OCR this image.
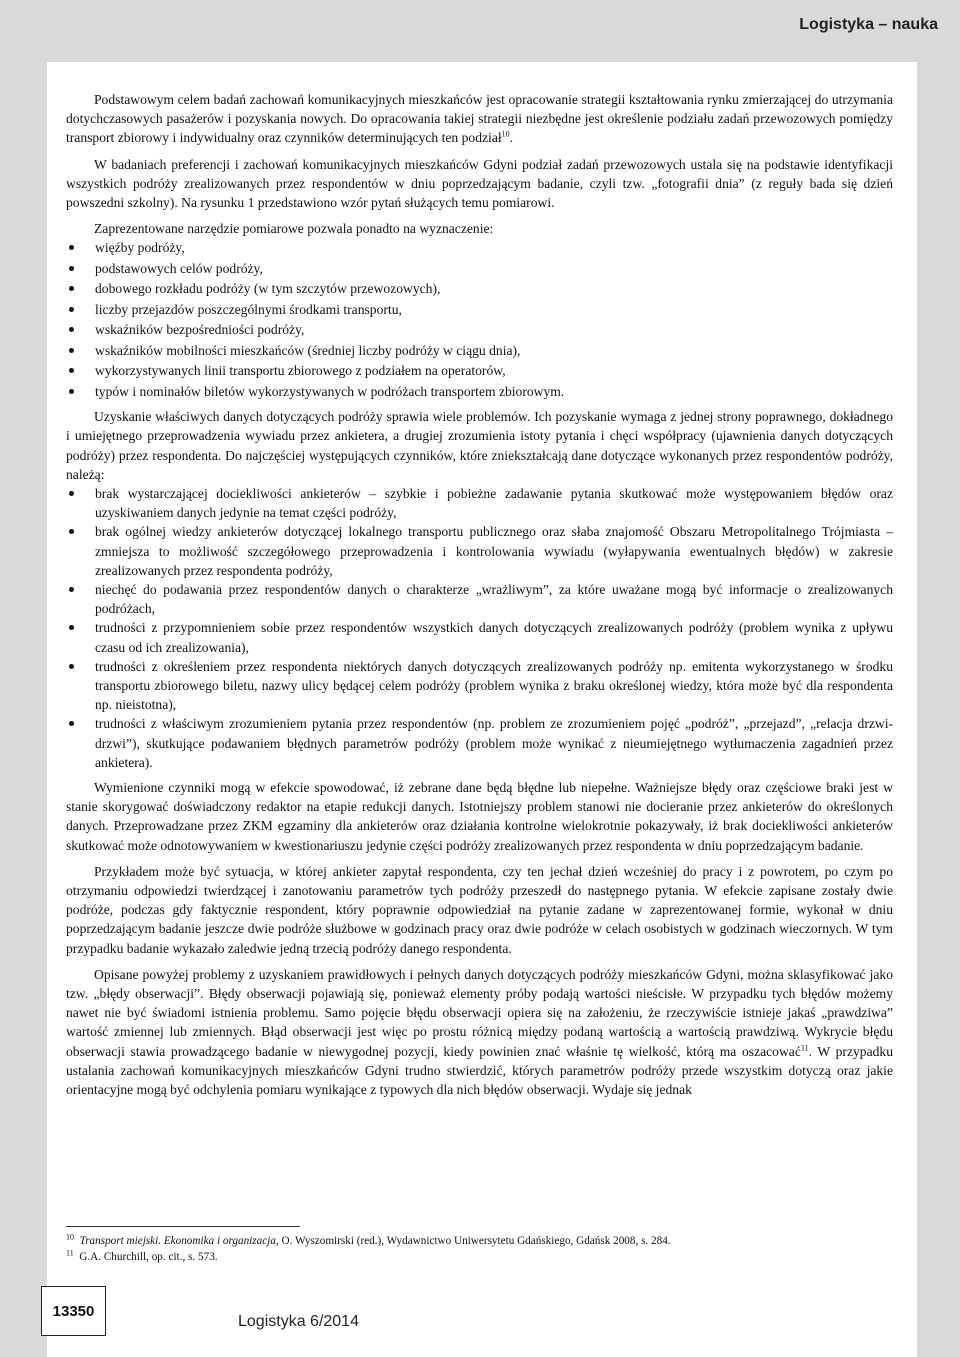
Logistyka – nauka

Podstawowym celem badań zachowań komunikacyjnych mieszkańców jest opracowanie strategii kształtowania rynku zmierzającej do utrzymania dotychczasowych pasażerów i pozyskania nowych. Do opracowania takiej strategii niezbędne jest określenie podziału zadań przewozowych pomiędzy transport zbiorowy i indywidualny oraz czynników determinujących ten podział$^{10}$.

W badaniach preferencji i zachowań komunikacyjnych mieszkańców Gdyni podział zadań przewozowych ustala się na podstawie identyfikacji wszystkich podróży zrealizowanych przez respondentów w dniu poprzedzającym badanie, czyli tzw. „fotografii dnia” (z reguły bada się dzień powszedni szkolny). Na rysunku 1 przedstawiono wzór pytań służących temu pomiarowi.

Zaprezentowane narzędzie pomiarowe pozwala ponadto na wyznaczenie:

więźby podróży,
podstawowych celów podróży,
dobowego rozkładu podróży (w tym szczytów przewozowych),
liczby przejazdów poszczególnymi środkami transportu,
wskaźników bezpośredniości podróży,
wskaźników mobilności mieszkańców (średniej liczby podróży w ciągu dnia),
wykorzystywanych linii transportu zbiorowego z podziałem na operatorów,
typów i nominałów biletów wykorzystywanych w podróżach transportem zbiorowym.

Uzyskanie właściwych danych dotyczących podróży sprawia wiele problemów. Ich pozyskanie wymaga z jednej strony poprawnego, dokładnego i umiejętnego przeprowadzenia wywiadu przez ankietera, a drugiej zrozumienia istoty pytania i chęci współpracy (ujawnienia danych dotyczących podróży) przez respondenta. Do najczęściej występujących czynników, które zniekształcają dane dotyczące wykonanych przez respondentów podróży, należą:

brak wystarczającej dociekliwości ankieterów – szybkie i pobieżne zadawanie pytania skutkować może występowaniem błędów oraz uzyskiwaniem danych jedynie na temat części podróży,
brak ogólnej wiedzy ankieterów dotyczącej lokalnego transportu publicznego oraz słaba znajomość Obszaru Metropolitalnego Trójmiasta – zmniejsza to możliwość szczegółowego przeprowadzenia i kontrolowania wywiadu (wyłapywania ewentualnych błędów) w zakresie zrealizowanych przez respondenta podróży,
niechęć do podawania przez respondentów danych o charakterze „wrażliwym”, za które uważane mogą być informacje o zrealizowanych podróżach,
trudności z przypomnieniem sobie przez respondentów wszystkich danych dotyczących zrealizowanych podróży (problem wynika z upływu czasu od ich zrealizowania),
trudności z określeniem przez respondenta niektórych danych dotyczących zrealizowanych podróży np. emitenta wykorzystanego w środku transportu zbiorowego biletu, nazwy ulicy będącej celem podróży (problem wynika z braku określonej wiedzy, która może być dla respondenta np. nieistotna),
trudności z właściwym zrozumieniem pytania przez respondentów (np. problem ze zrozumieniem pojęć „podróż”, „przejazd”, „relacja drzwi-drzwi”), skutkujące podawaniem błędnych parametrów podróży (problem może wynikać z nieumiejętnego wytłumaczenia zagadnień przez ankietera).

Wymienione czynniki mogą w efekcie spowodować, iż zebrane dane będą błędne lub niepełne. Ważniejsze błędy oraz częściowe braki jest w stanie skorygować doświadczony redaktor na etapie redukcji danych. Istotniejszy problem stanowi nie docieranie przez ankieterów do określonych danych. Przeprowadzane przez ZKM egzaminy dla ankieterów oraz działania kontrolne wielokrotnie pokazywały, iż brak dociekliwości ankieterów skutkować może odnotowywaniem w kwestionariuszu jedynie części podróży zrealizowanych przez respondenta w dniu poprzedzającym badanie.

Przykładem może być sytuacja, w której ankieter zapytał respondenta, czy ten jechał dzień wcześniej do pracy i z powrotem, po czym po otrzymaniu odpowiedzi twierdzącej i zanotowaniu parametrów tych podróży przeszedł do następnego pytania. W efekcie zapisane zostały dwie podróże, podczas gdy faktycznie respondent, który poprawnie odpowiedział na pytanie zadane w zaprezentowanej formie, wykonał w dniu poprzedzającym badanie jeszcze dwie podróże służbowe w godzinach pracy oraz dwie podróże w celach osobistych w godzinach wieczornych. W tym przypadku badanie wykazało zaledwie jedną trzecią podróży danego respondenta.

Opisane powyżej problemy z uzyskaniem prawidłowych i pełnych danych dotyczących podróży mieszkańców Gdyni, można sklasyfikować jako tzw. „błędy obserwacji”. Błędy obserwacji pojawiają się, ponieważ elementy próby podają wartości nieścisłe. W przypadku tych błędów możemy nawet nie być świadomi istnienia problemu. Samo pojęcie błędu obserwacji opiera się na założeniu, że rzeczywiście istnieje jakaś „prawdziwa” wartość zmiennej lub zmiennych. Błąd obserwacji jest więc po prostu różnicą między podaną wartością a wartością prawdziwą. Wykrycie błędu obserwacji stawia prowadzącego badanie w niewygodnej pozycji, kiedy powinien znać właśnie tę wielkość, którą ma oszacować$^{11}$. W przypadku ustalania zachowań komunikacyjnych mieszkańców Gdyni trudno stwierdzić, których parametrów podróży przede wszystkim dotyczą oraz jakie orientacyjne mogą być odchylenia pomiaru wynikające z typowych dla nich błędów obserwacji. Wydaje się jednak

$^{10}$ Transport miejski. Ekonomika i organizacja, O. Wyszomirski (red.), Wydawnictwo Uniwersytetu Gdańskiego, Gdańsk 2008, s. 284.
$^{11}$ G.A. Churchill, op. cit., s. 573.
13350
Logistyka 6/2014
